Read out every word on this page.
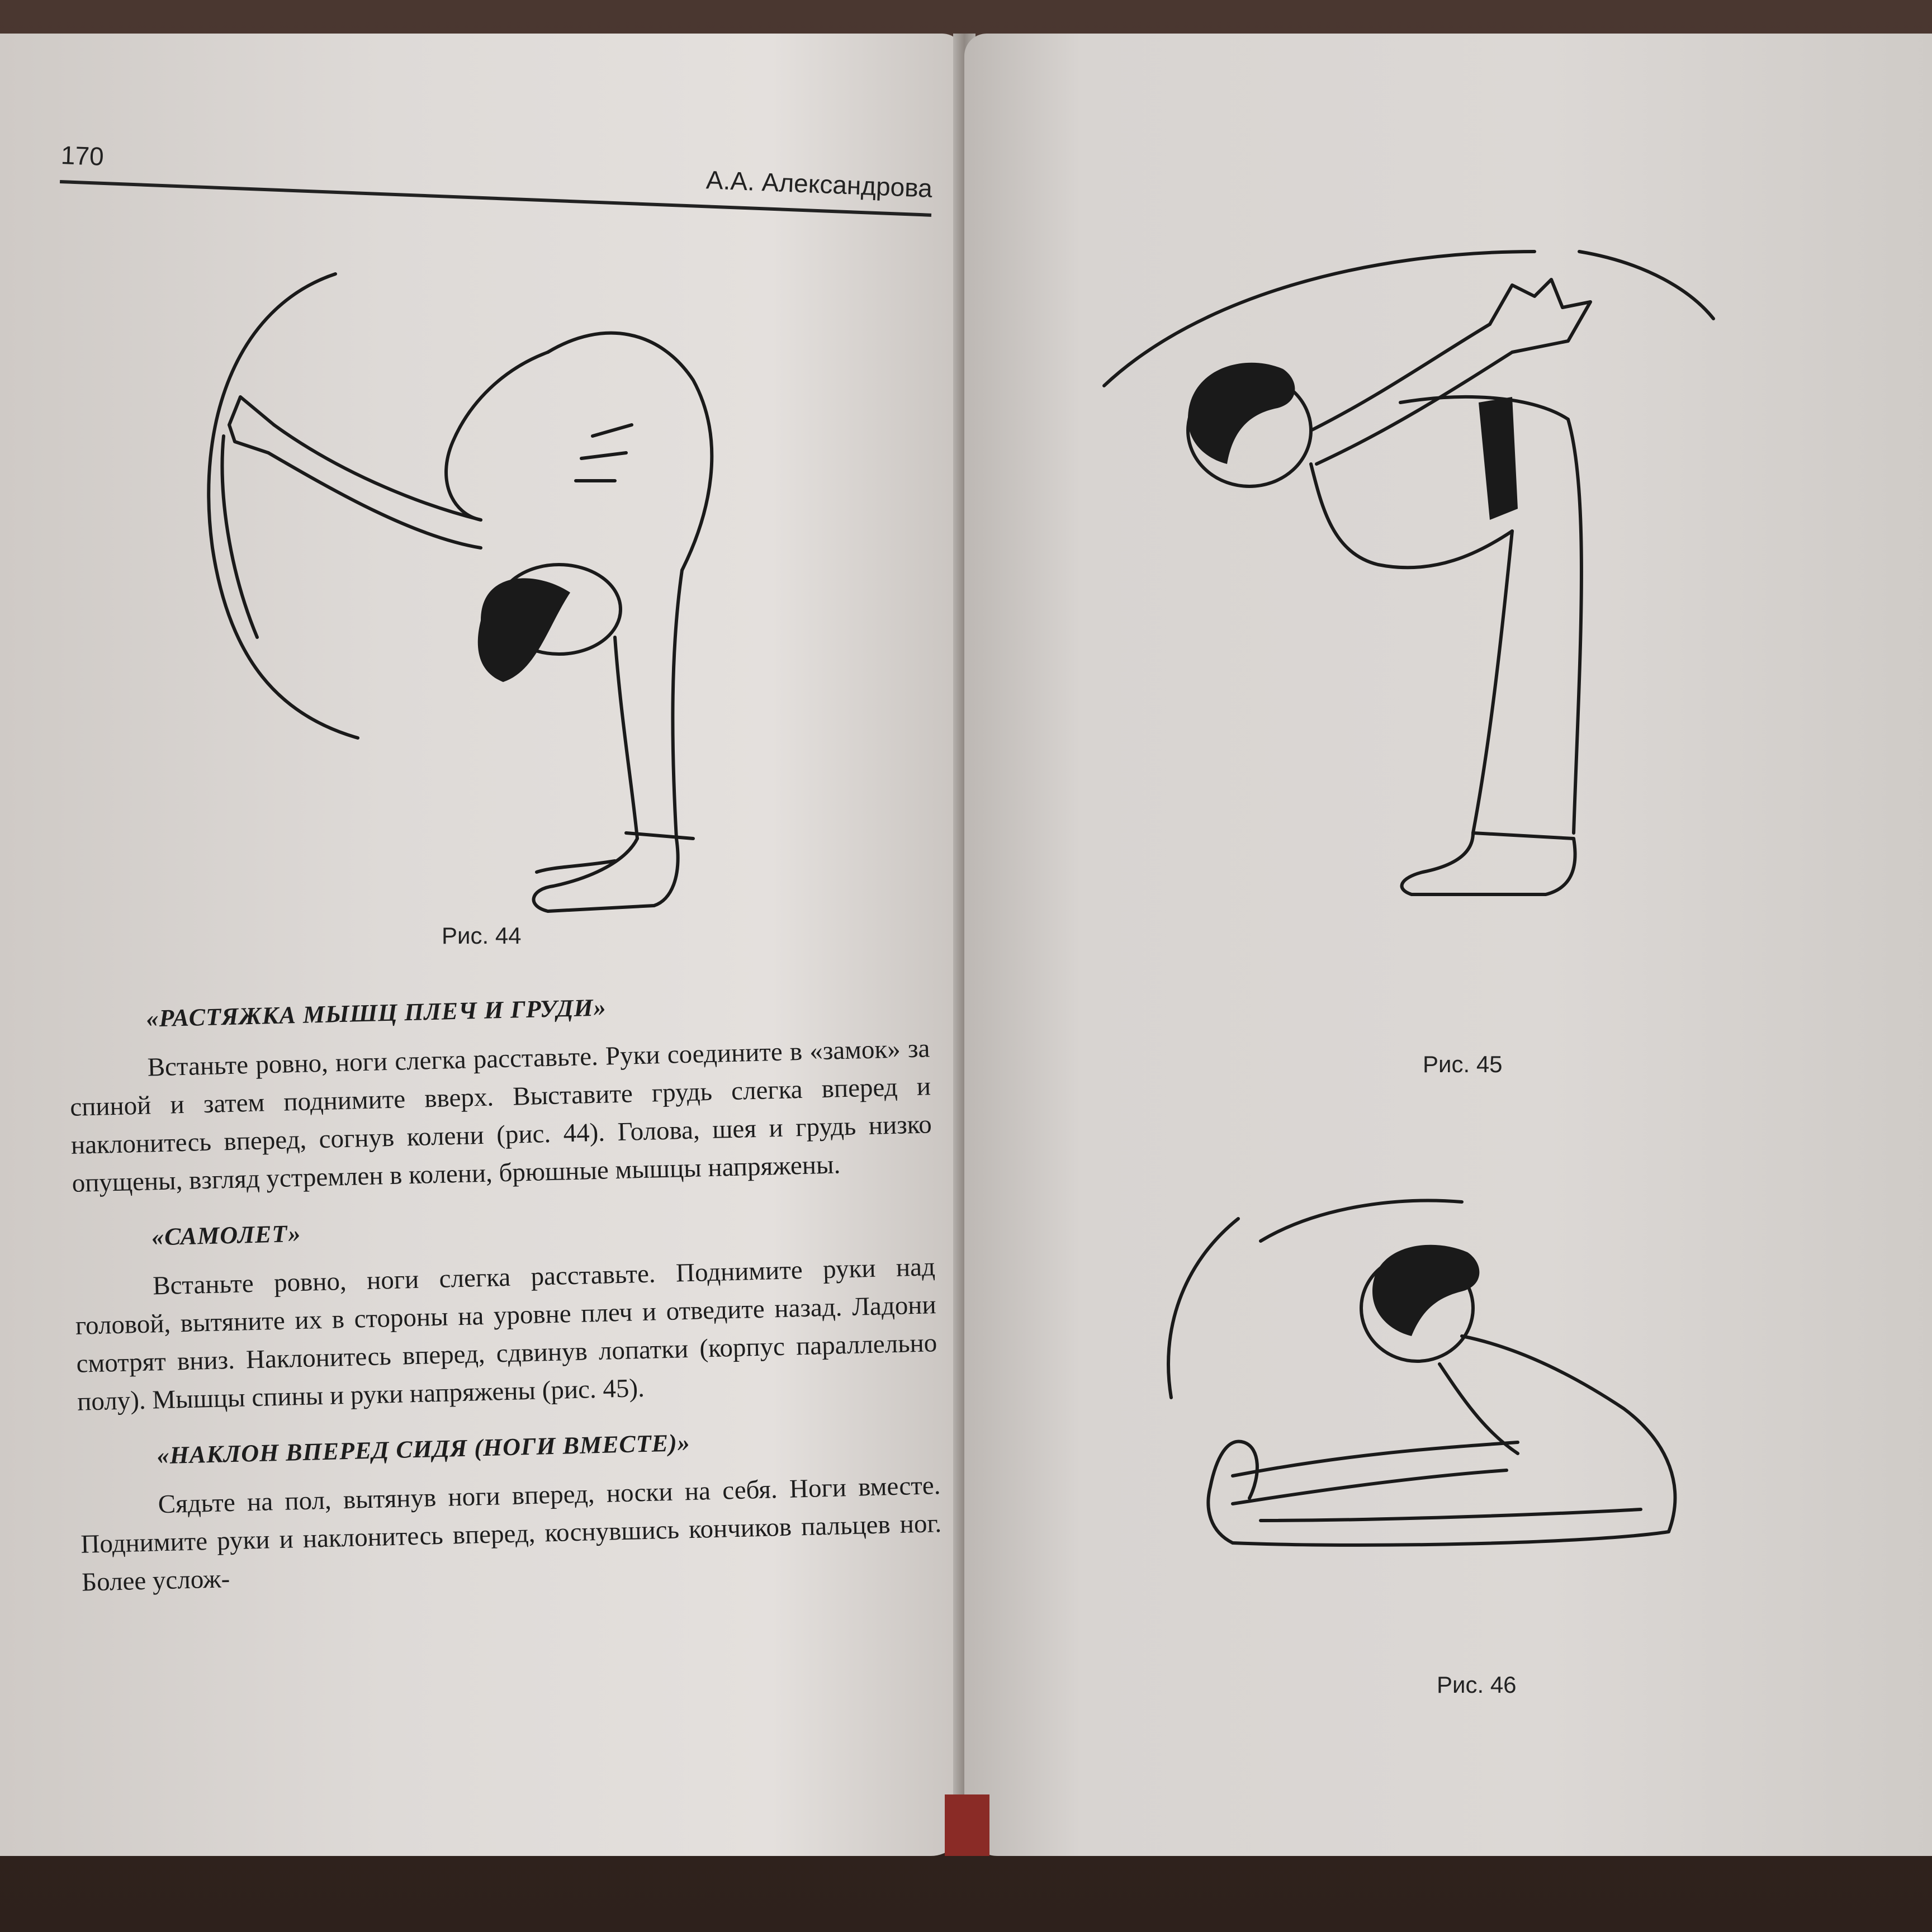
170
А.А. Александрова
Рис. 44
«РАСТЯЖКА МЫШЦ ПЛЕЧ И ГРУДИ»

Встаньте ровно, ноги слегка расставьте. Руки соедините в «замок» за спиной и затем поднимите вверх. Выставите грудь слегка вперед и наклонитесь вперед, согнув колени (рис. 44). Голова, шея и грудь низко опущены, взгляд устремлен в колени, брюшные мышцы напряжены.

«САМОЛЕТ»

Встаньте ровно, ноги слегка расставьте. Поднимите руки над головой, вытяните их в стороны на уровне плеч и отведите назад. Ладони смотрят вниз. Наклонитесь вперед, сдвинув лопатки (корпус параллельно полу). Мышцы спины и руки напряжены (рис. 45).

«НАКЛОН ВПЕРЕД СИДЯ (НОГИ ВМЕСТЕ)»

Сядьте на пол, вытянув ноги вперед, носки на себя. Ноги вместе. Поднимите руки и наклонитесь вперед, коснувшись кончиков пальцев ног. Более услож-

Рис. 45
Рис. 46
